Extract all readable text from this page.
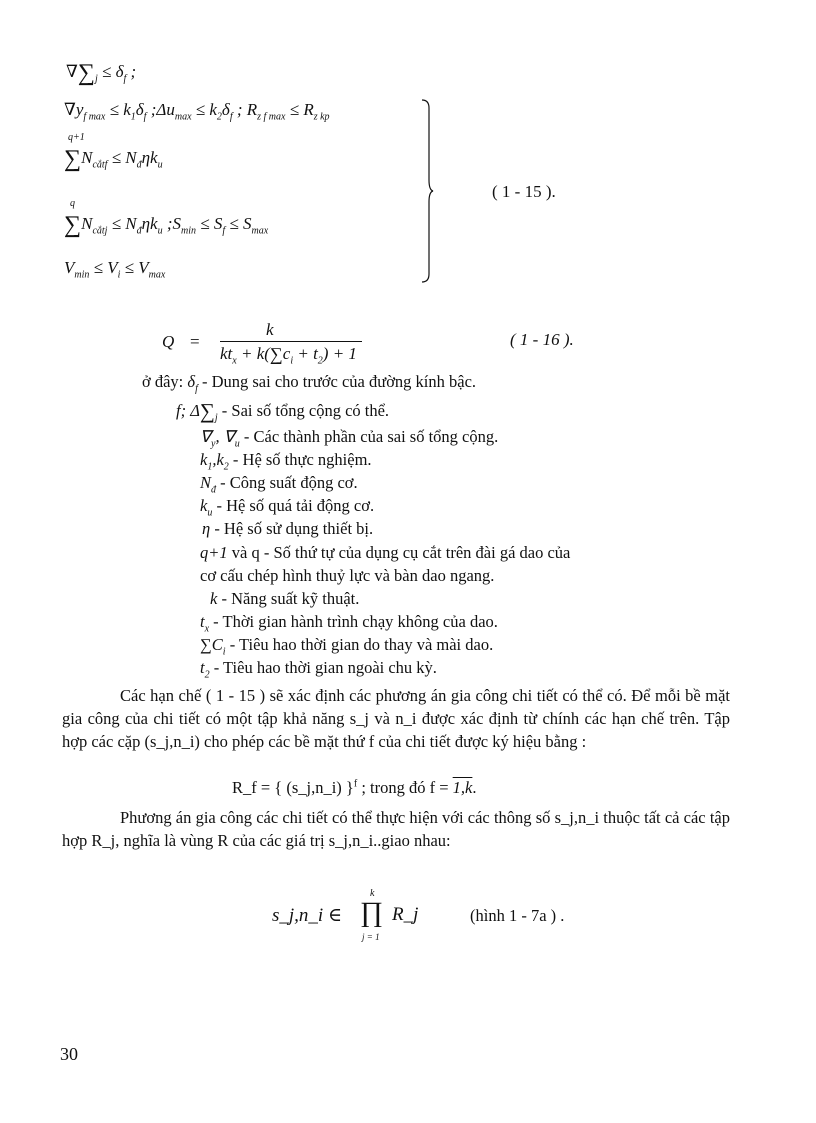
$\nabla\sum_j \le \delta_f$ ;
$\nabla y_{f max} \le k_1\delta_f$ $;\Delta u_{max} \le k_2\delta_f$ ; $R_{z f max} \le R_{z kp}$
q+1
$\sum N_{cắtf} \le N_đ\eta k_u$
q
$\sum N_{cắtj} \le N_đ\eta k_u$ $;S_{min} \le S_f \le S_{max}$
$V_{min} \le V_i \le V_{max}$
( 1 - 15 ).
Q =
k
$kt_x + k(\sum c_i + t_2) + 1$
( 1 - 16 ).
ở đây: $\delta_f$ - Dung sai cho trước của đường kính bậc.
f; $\Delta\sum_j$ - Sai số tổng cộng có thể.
$\nabla_y$, $\nabla_u$ - Các thành phần của sai số tổng cộng.
$k_1,k_2$ - Hệ số thực nghiệm.
$N_đ$ - Công suất động cơ.
$k_u$ - Hệ số quá tải động cơ.
η - Hệ số sử dụng thiết bị.
q+1 và q - Số thứ tự của dụng cụ cắt trên đài gá dao của
cơ cấu chép hình thuỷ lực và bàn dao ngang.
k - Năng suất kỹ thuật.
$t_x$ - Thời gian hành trình chạy không của dao.
$\sum C_i$ - Tiêu hao thời gian do thay và mài dao.
$t_2$ - Tiêu hao thời gian ngoài chu kỳ.
Các hạn chế ( 1 - 15 ) sẽ xác định các phương án gia công chi tiết có thể có. Để mỗi bề mặt gia công của chi tiết có một tập khả năng s_j và n_i được xác định từ chính các hạn chế trên. Tập hợp các cặp (s_j,n_i) cho phép các bề mặt thứ f của chi tiết được ký hiệu bằng :
R_f = { (s_j,n_i) }$^f$ ; trong đó f = 1,k.
Phương án gia công các chi tiết có thể thực hiện với các thông số s_j,n_i thuộc tất cả các tập hợp R_j, nghĩa là vùng R của các giá trị s_j,n_i..giao nhau:
s_j,n_i ∈
k
∏
j = 1
R_j	(hình 1 - 7a ) .
30
